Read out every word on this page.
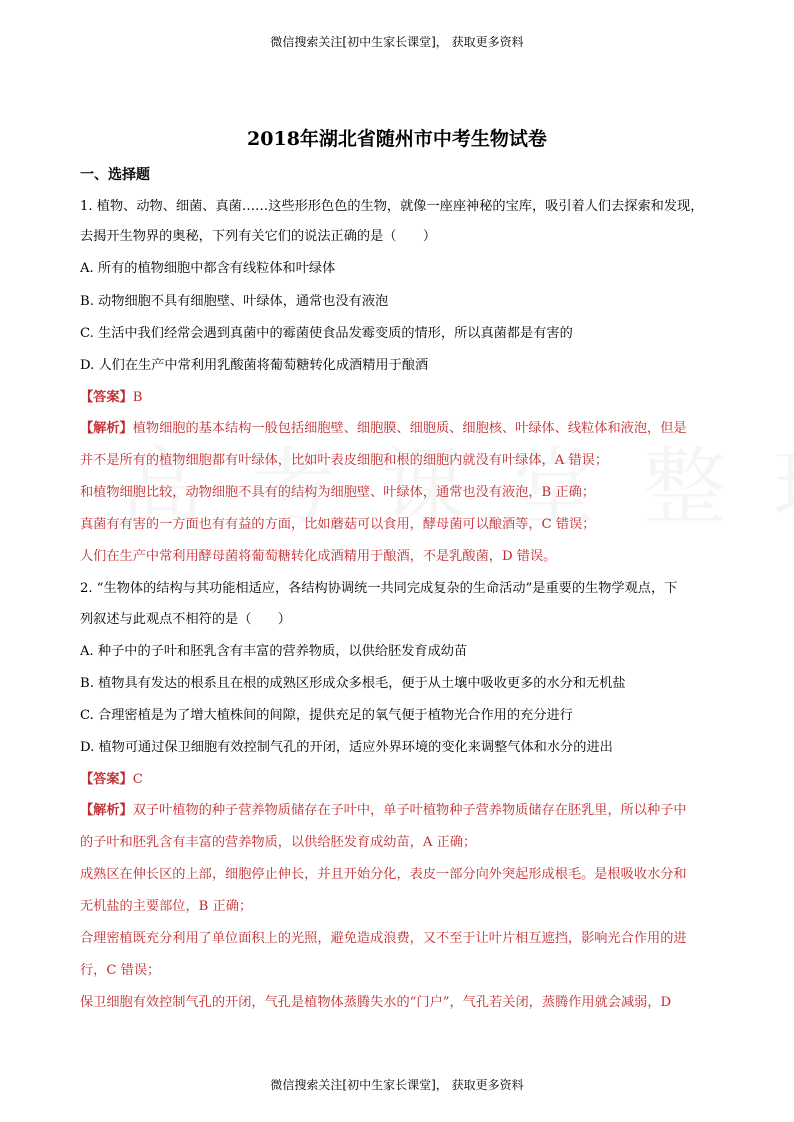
微信搜索关注[初中生家长课堂]， 获取更多资料
2018年湖北省随州市中考生物试卷
一、选择题
1. 植物、动物、细菌、真菌……这些形形色色的生物，就像一座座神秘的宝库，吸引着人们去探索和发现，
去揭开生物界的奥秘，下列有关它们的说法正确的是（　　）
A. 所有的植物细胞中都含有线粒体和叶绿体
B. 动物细胞不具有细胞壁、叶绿体，通常也没有液泡
C. 生活中我们经常会遇到真菌中的霉菌使食品发霉变质的情形，所以真菌都是有害的
D. 人们在生产中常利用乳酸菌将葡萄糖转化成酒精用于酿酒
【答案】B
【解析】植物细胞的基本结构一般包括细胞壁、细胞膜、细胞质、细胞核、叶绿体、线粒体和液泡，但是
并不是所有的植物细胞都有叶绿体，比如叶表皮细胞和根的细胞内就没有叶绿体，A 错误；
和植物细胞比较，动物细胞不具有的结构为细胞壁、叶绿体，通常也没有液泡，B 正确；
真菌有有害的一方面也有有益的方面，比如蘑菇可以食用，酵母菌可以酿酒等，C 错误；
人们在生产中常利用酵母菌将葡萄糖转化成酒精用于酿酒，不是乳酸菌，D 错误。
2. “生物体的结构与其功能相适应，各结构协调统一共同完成复杂的生命活动”是重要的生物学观点，下
列叙述与此观点不相符的是（　　）
A. 种子中的子叶和胚乳含有丰富的营养物质，以供给胚发育成幼苗
B. 植物具有发达的根系且在根的成熟区形成众多根毛，便于从土壤中吸收更多的水分和无机盐
C. 合理密植是为了增大植株间的间隙，提供充足的氧气便于植物光合作用的充分进行
D. 植物可通过保卫细胞有效控制气孔的开闭，适应外界环境的变化来调整气体和水分的进出
【答案】C
【解析】双子叶植物的种子营养物质储存在子叶中，单子叶植物种子营养物质储存在胚乳里，所以种子中
的子叶和胚乳含有丰富的营养物质，以供给胚发育成幼苗，A 正确；
成熟区在伸长区的上部，细胞停止伸长，并且开始分化，表皮一部分向外突起形成根毛。是根吸收水分和
无机盐的主要部位，B 正确；
合理密植既充分利用了单位面积上的光照，避免造成浪费，又不至于让叶片相互遮挡，影响光合作用的进
行，C 错误；
保卫细胞有效控制气孔的开闭，气孔是植物体蒸腾失水的“门户”，气孔若关闭，蒸腾作用就会减弱，D
微信搜索关注[初中生家长课堂]， 获取更多资料
